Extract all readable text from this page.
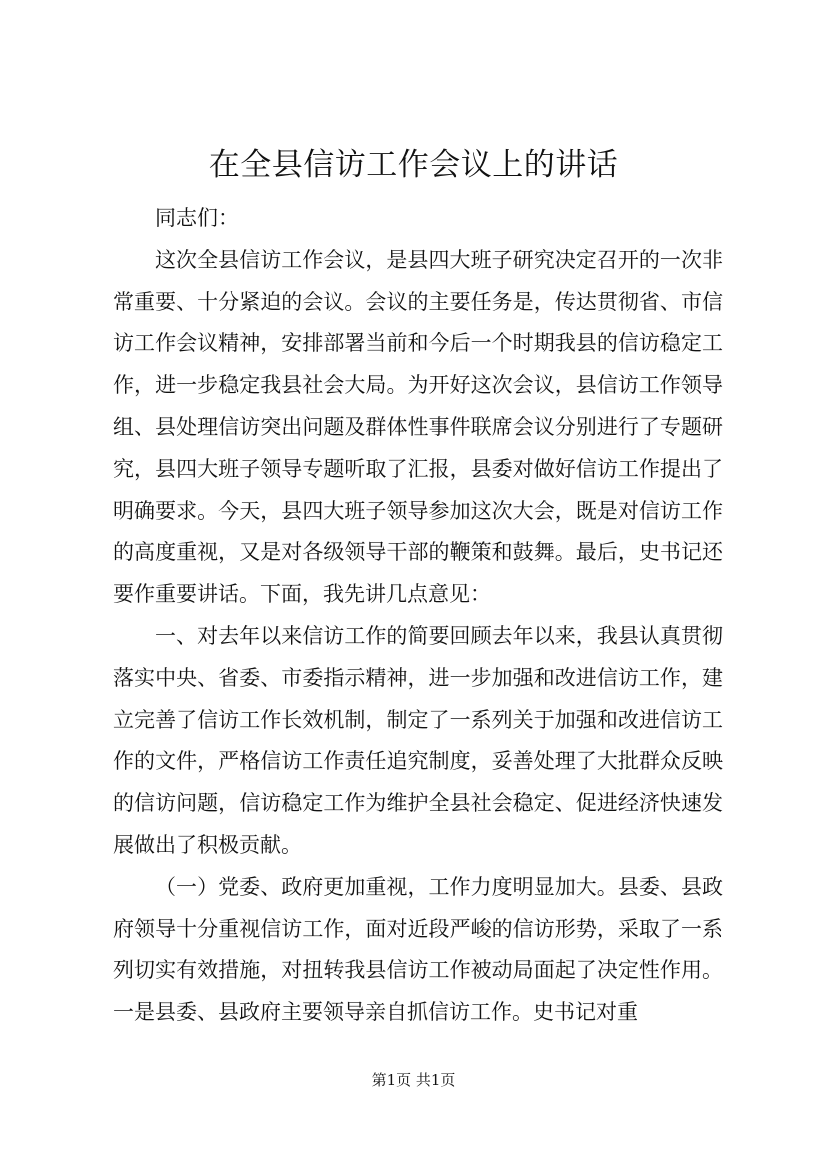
在全县信访工作会议上的讲话

同志们：

这次全县信访工作会议，是县四大班子研究决定召开的一次非常重要、十分紧迫的会议。会议的主要任务是，传达贯彻省、市信访工作会议精神，安排部署当前和今后一个时期我县的信访稳定工作，进一步稳定我县社会大局。为开好这次会议，县信访工作领导组、县处理信访突出问题及群体性事件联席会议分别进行了专题研究，县四大班子领导专题听取了汇报，县委对做好信访工作提出了明确要求。今天，县四大班子领导参加这次大会，既是对信访工作的高度重视，又是对各级领导干部的鞭策和鼓舞。最后，史书记还要作重要讲话。下面，我先讲几点意见：

一、对去年以来信访工作的简要回顾去年以来，我县认真贯彻落实中央、省委、市委指示精神，进一步加强和改进信访工作，建立完善了信访工作长效机制，制定了一系列关于加强和改进信访工作的文件，严格信访工作责任追究制度，妥善处理了大批群众反映的信访问题，信访稳定工作为维护全县社会稳定、促进经济快速发展做出了积极贡献。

（一）党委、政府更加重视，工作力度明显加大。县委、县政府领导十分重视信访工作，面对近段严峻的信访形势，采取了一系列切实有效措施，对扭转我县信访工作被动局面起了决定性作用。一是县委、县政府主要领导亲自抓信访工作。史书记对重

第1页 共1页
